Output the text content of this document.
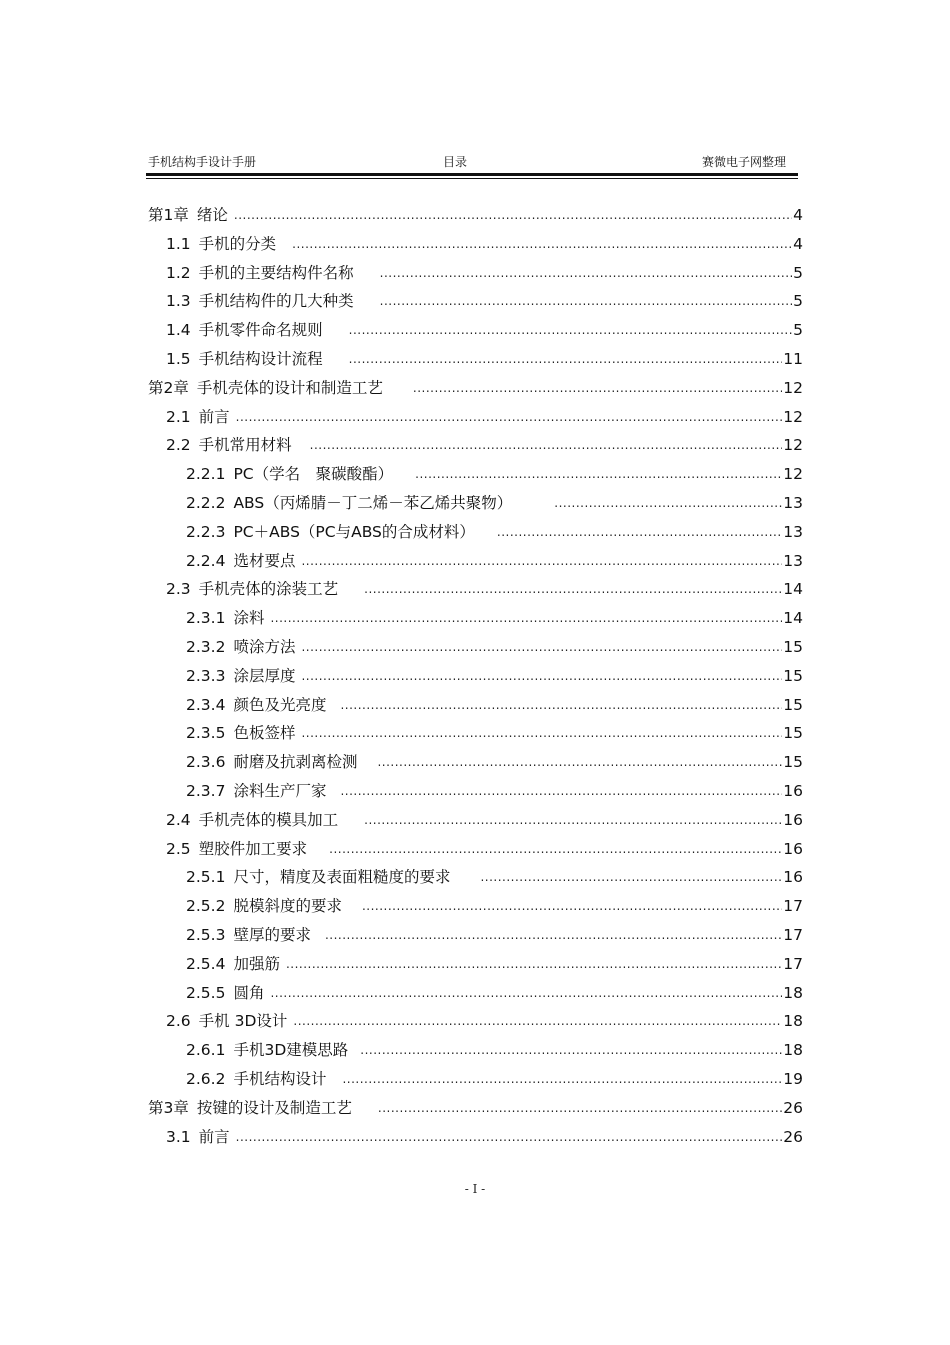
手机结构手设计手册	目录	赛微电子网整理
第1章 绪论 .....	4
1.1 手机的分类 .....	4
1.2 手机的主要结构件名称 .....	5
1.3 手机结构件的几大种类 .....	5
1.4 手机零件命名规则 .....	5
1.5 手机结构设计流程 .....	11
第2章 手机壳体的设计和制造工艺 .....	12
2.1 前言 .....	12
2.2 手机常用材料 .....	12
2.2.1 PC（学名　聚碳酸酯） .....	12
2.2.2 ABS（丙烯腈－丁二烯－苯乙烯共聚物） .....	13
2.2.3 PC＋ABS（PC与ABS的合成材料） .....	13
2.2.4 选材要点 .....	13
2.3 手机壳体的涂装工艺 .....	14
2.3.1 涂料 .....	14
2.3.2 喷涂方法 .....	15
2.3.3 涂层厚度 .....	15
2.3.4 颜色及光亮度 .....	15
2.3.5 色板签样 .....	15
2.3.6 耐磨及抗剥离检测 .....	15
2.3.7 涂料生产厂家 .....	16
2.4 手机壳体的模具加工 .....	16
2.5 塑胶件加工要求 .....	16
2.5.1 尺寸，精度及表面粗糙度的要求 .....	16
2.5.2 脱模斜度的要求 .....	17
2.5.3 壁厚的要求 .....	17
2.5.4 加强筋 .....	17
2.5.5 圆角 .....	18
2.6 手机 3D设计 .....	18
2.6.1 手机3D建模思路 .....	18
2.6.2 手机结构设计 .....	19
第3章 按键的设计及制造工艺 .....	26
3.1 前言 .....	26
- I -
